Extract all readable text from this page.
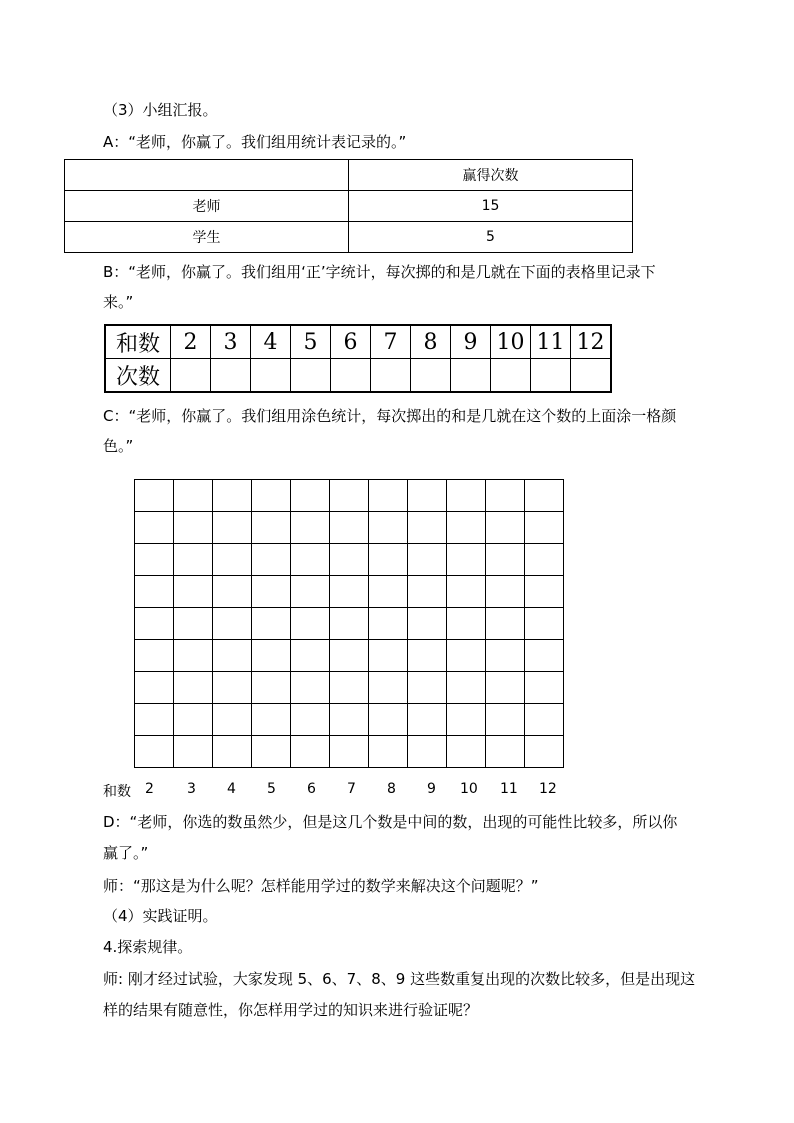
（3）小组汇报。
A：“老师，你赢了。我们组用统计表记录的。”
	赢得次数
老师	15
学生	5
B：“老师，你赢了。我们组用‘正’字统计，每次掷的和是几就在下面的表格里记录下
来。”
和数	2	3	4	5	6	7	8	9	10	11	12
次数											
C：“老师，你赢了。我们组用涂色统计，每次掷出的和是几就在这个数的上面涂一格颜
色。”

和数 2 3 4 5 6 7 8 9 10 11 12
D：“老师，你选的数虽然少，但是这几个数是中间的数，出现的可能性比较多，所以你
赢了。”
师：“那这是为什么呢？怎样能用学过的数学来解决这个问题呢？”
（4）实践证明。
4.探索规律。
师: 刚才经过试验，大家发现 5、6、7、8、9 这些数重复出现的次数比较多，但是出现这
样的结果有随意性，你怎样用学过的知识来进行验证呢？
